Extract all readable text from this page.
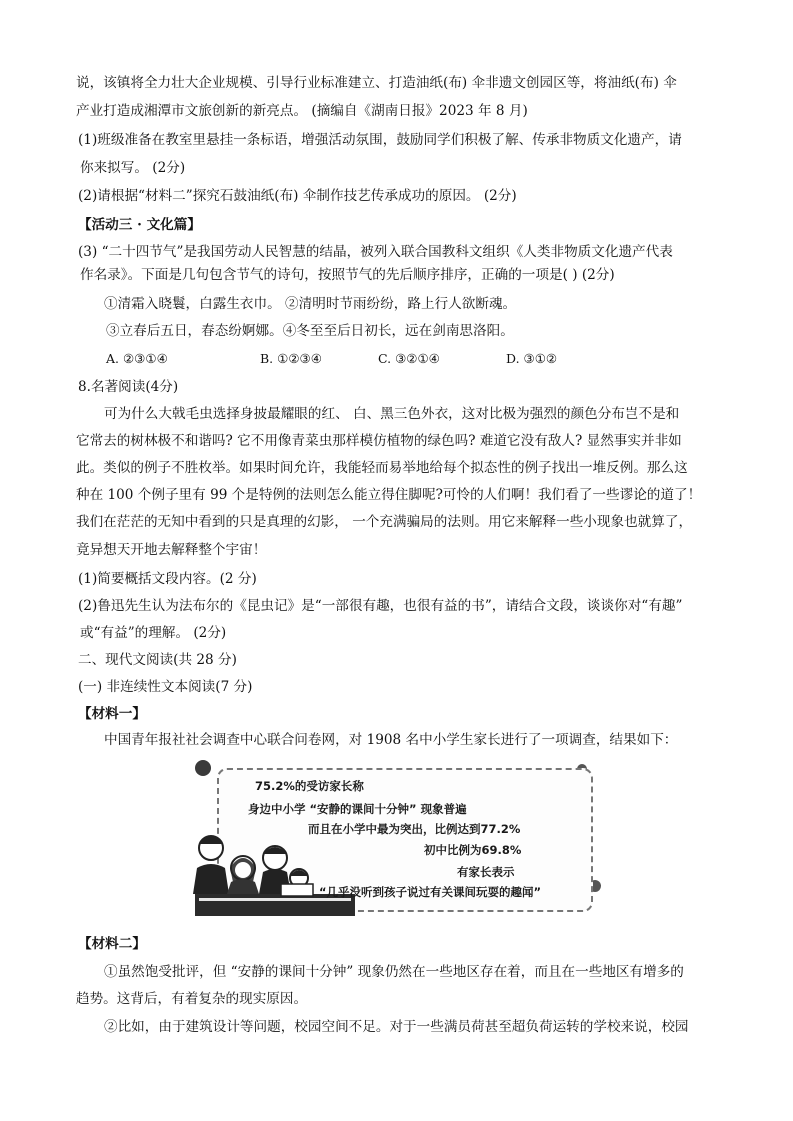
说，该镇将全力壮大企业规模、引导行业标准建立、打造油纸(布) 伞非遗文创园区等，将油纸(布) 伞
产业打造成湘潭市文旅创新的新亮点。 (摘编自《湖南日报》2023 年 8 月)
(1)班级准备在教室里悬挂一条标语，增强活动氛围，鼓励同学们积极了解、传承非物质文化遗产，请
你来拟写。 (2分)
(2)请根据“材料二”探究石鼓油纸(布) 伞制作技艺传承成功的原因。 (2分)
【活动三 · 文化篇】
(3) “二十四节气”是我国劳动人民智慧的结晶，被列入联合国教科文组织《人类非物质文化遗产代表
作名录》。下面是几句包含节气的诗句，按照节气的先后顺序排序，正确的一项是( ) (2分)
①清霜入晓鬟，白露生衣巾。 ②清明时节雨纷纷，路上行人欲断魂。
③立春后五日，春态纷婀娜。④冬至至后日初长，远在剑南思洛阳。
A. ②③①④	B. ①②③④	C. ③②①④	D. ③①②
8.名著阅读(4分)
可为什么大戟毛虫选择身披最耀眼的红、 白、黑三色外衣，这对比极为强烈的颜色分布岂不是和
它常去的树林极不和谐吗? 它不用像青菜虫那样模仿植物的绿色吗? 难道它没有敌人? 显然事实并非如
此。类似的例子不胜枚举。如果时间允许，我能轻而易举地给每个拟态性的例子找出一堆反例。那么这
种在 100 个例子里有 99 个是特例的法则怎么能立得住脚呢?可怜的人们啊！我们看了一些谬论的道了！
我们在茫茫的无知中看到的只是真理的幻影， 一个充满骗局的法则。用它来解释一些小现象也就算了，
竟异想天开地去解释整个宇宙！
(1)简要概括文段内容。(2 分)
(2)鲁迅先生认为法布尔的《昆虫记》是“一部很有趣，也很有益的书”，请结合文段，谈谈你对“有趣”
或“有益”的理解。 (2分)
二、现代文阅读(共 28 分)
(一) 非连续性文本阅读(7 分)
【材料一】
中国青年报社社会调查中心联合问卷网，对 1908 名中小学生家长进行了一项调查，结果如下：
75.2%的受访家长称
身边中小学 “安静的课间十分钟” 现象普遍
而且在小学中最为突出，比例达到77.2%
初中比例为69.8%
有家长表示
“几乎没听到孩子说过有关课间玩耍的趣闻”
【材料二】
①虽然饱受批评，但 “安静的课间十分钟” 现象仍然在一些地区存在着，而且在一些地区有增多的
趋势。这背后，有着复杂的现实原因。
②比如，由于建筑设计等问题，校园空间不足。对于一些满员荷甚至超负荷运转的学校来说，校园
